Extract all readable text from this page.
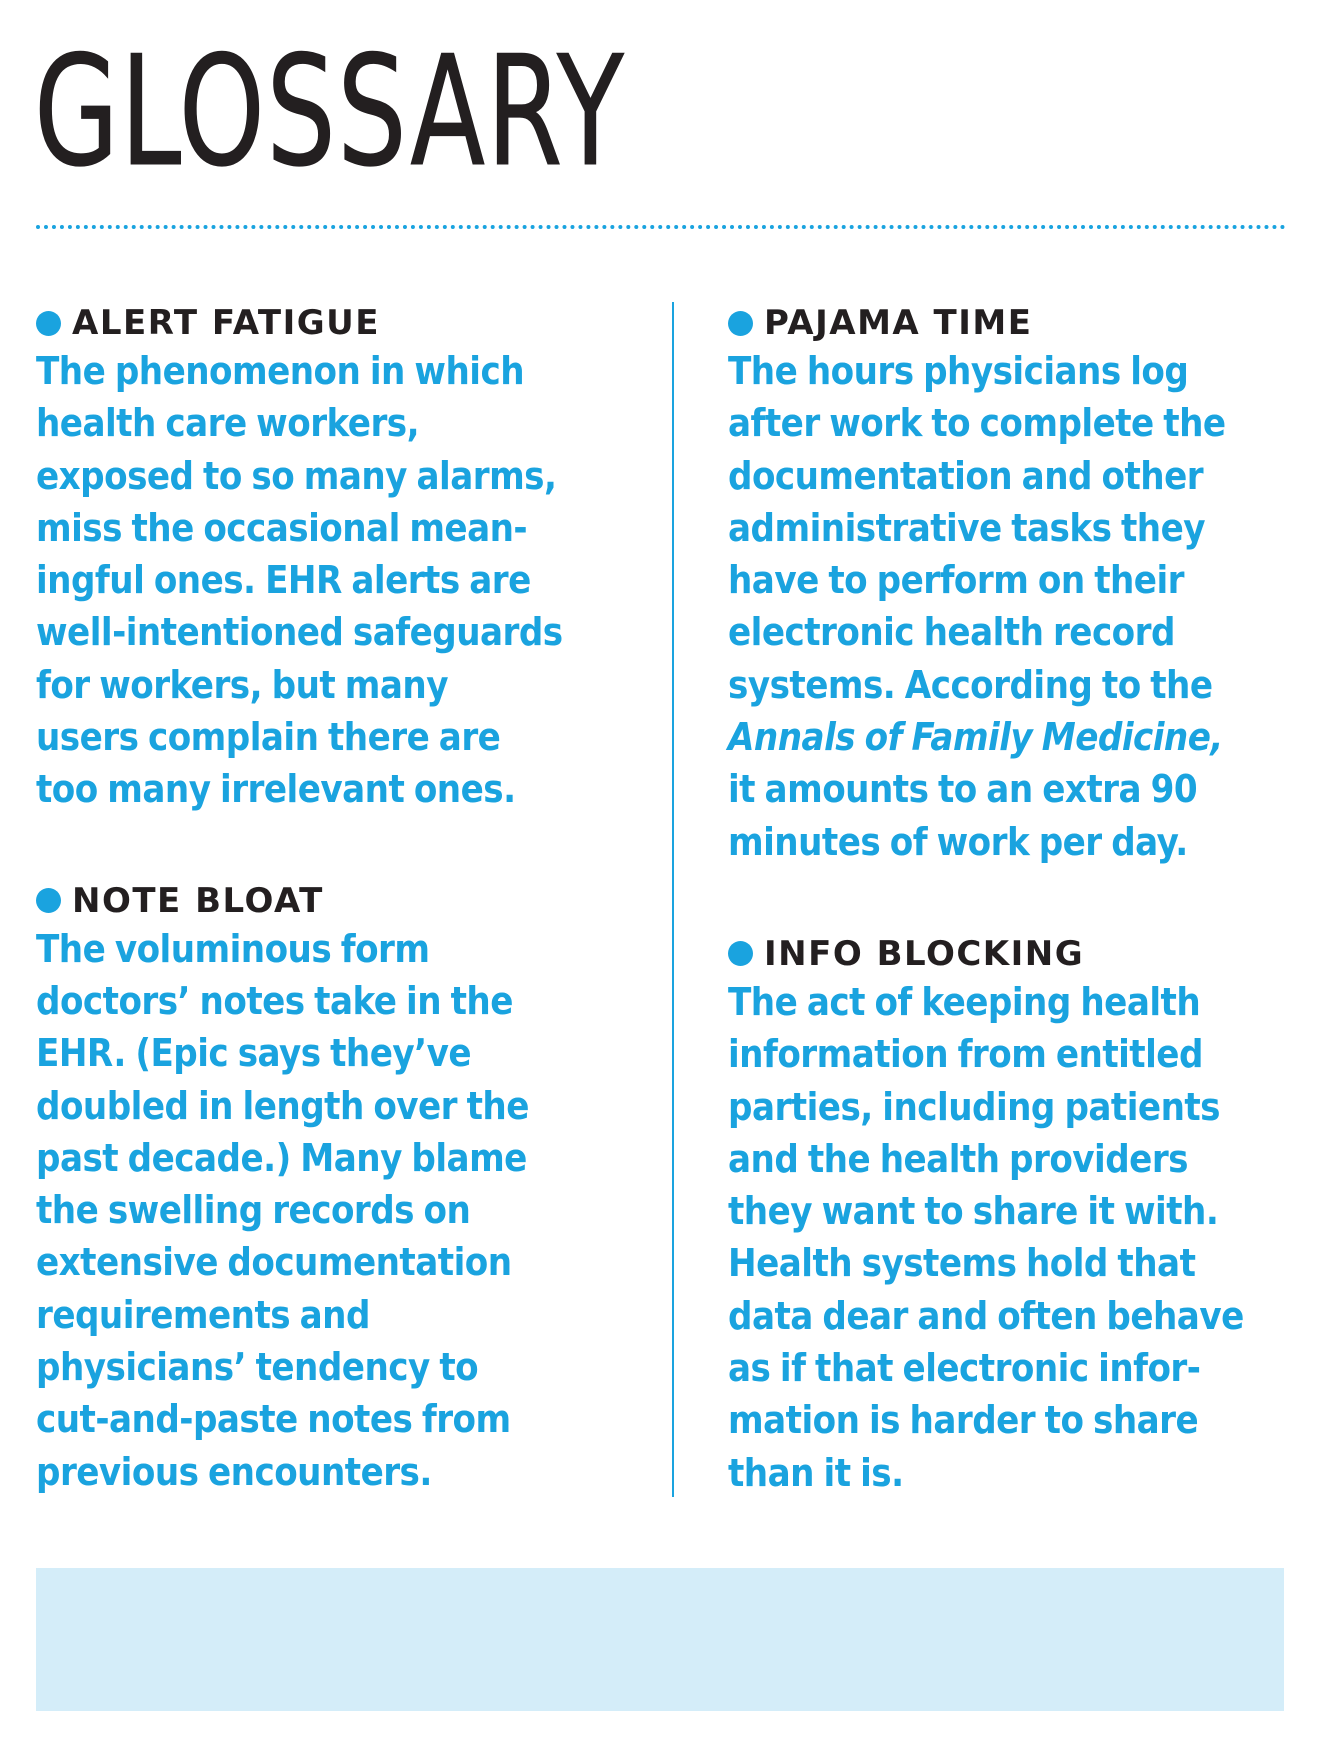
GLOSSARY
ALERT FATIGUE

The phenomenon in which
health care workers,
exposed to so many alarms,
miss the occasional mean-
ingful ones. EHR alerts are
well-intentioned safeguards
for workers, but many
users complain there are
too many irrelevant ones.

NOTE BLOAT

The voluminous form
doctors’ notes take in the
EHR. (Epic says they’ve
doubled in length over the
past decade.) Many blame
the swelling records on
extensive documentation
requirements and
physicians’ tendency to
cut-and-paste notes from
previous encounters.

PAJAMA TIME

The hours physicians log
after work to complete the
documentation and other
administrative tasks they
have to perform on their
electronic health record
systems. According to the
Annals of Family Medicine,
it amounts to an extra 90
minutes of work per day.

INFO BLOCKING

The act of keeping health
information from entitled
parties, including patients
and the health providers
they want to share it with.
Health systems hold that
data dear and often behave
as if that electronic infor-
mation is harder to share
than it is.
